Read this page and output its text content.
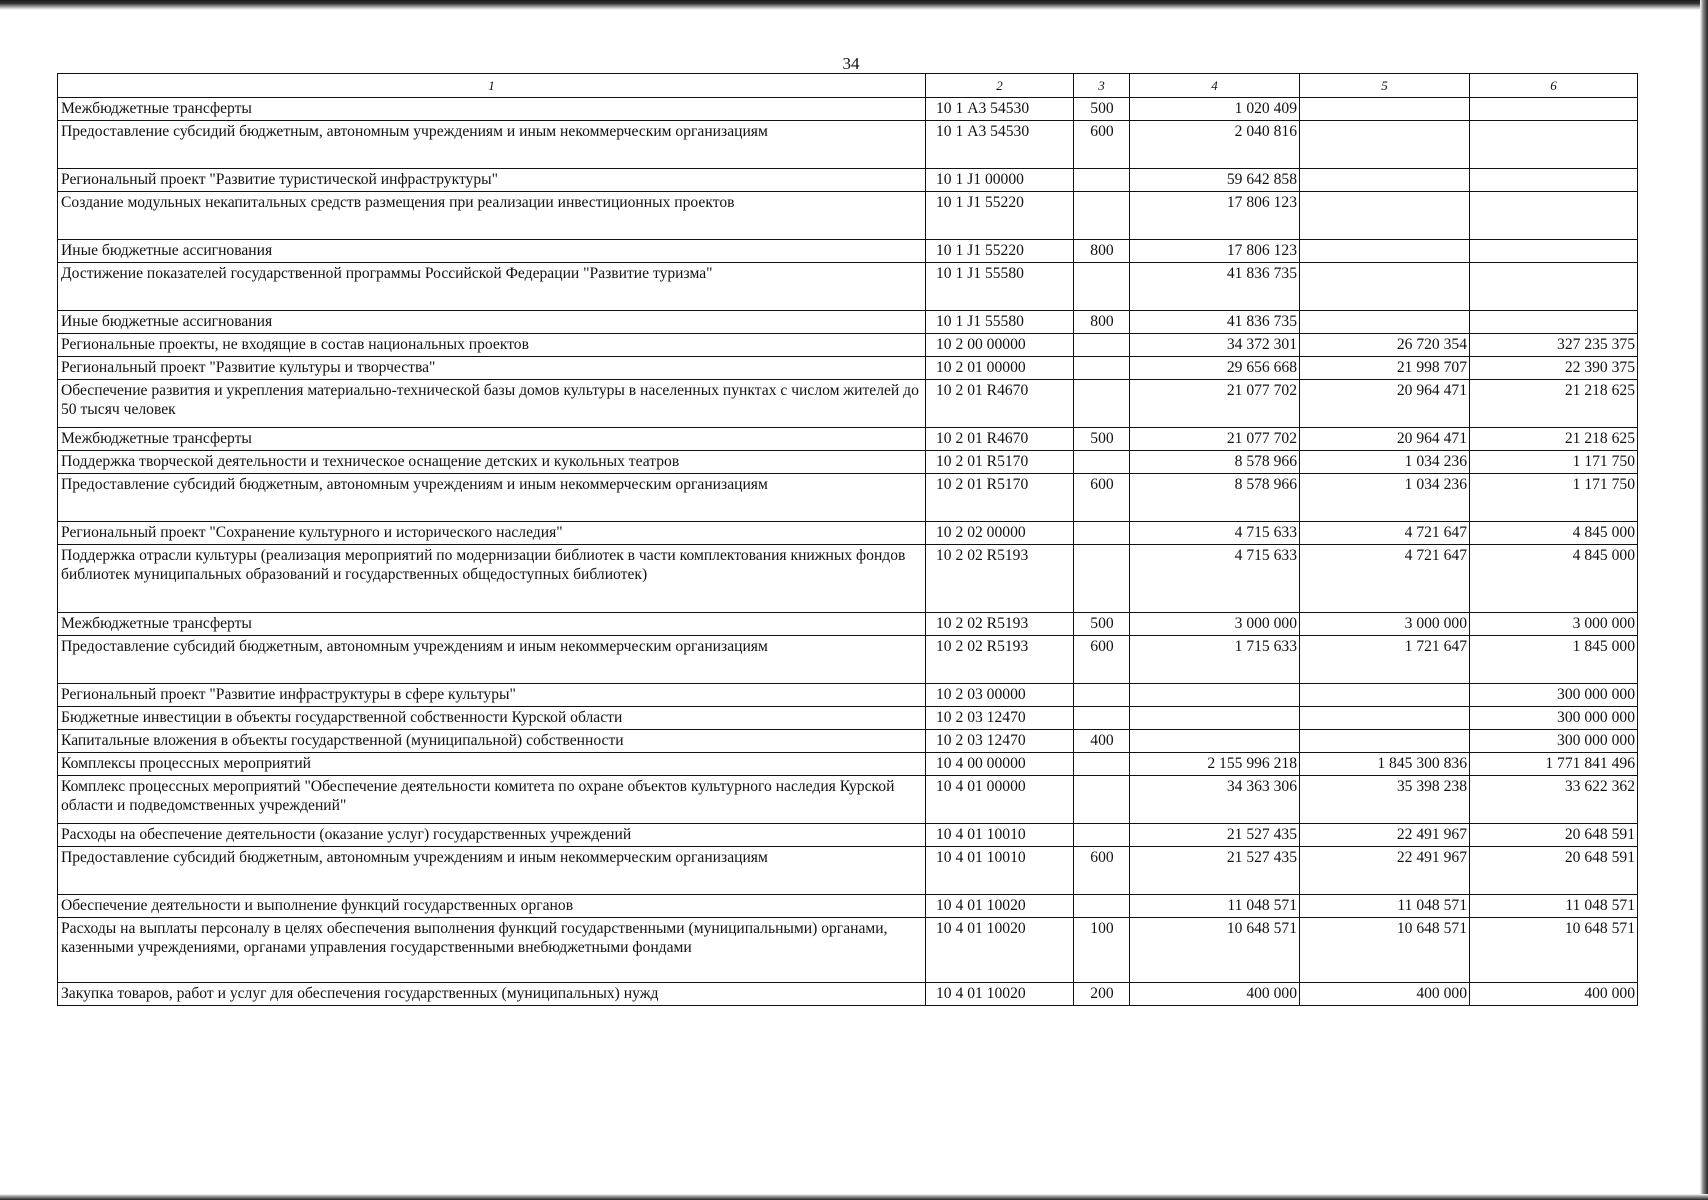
34
1	2	3	4	5	6
Межбюджетные трансферты	10 1 А3 54530	500	1 020 409		
Предоставление субсидий бюджетным, автономным учреждениям и иным некоммерческим организациям	10 1 А3 54530	600	2 040 816		
Региональный проект "Развитие туристической инфраструктуры"	10 1 J1 00000		59 642 858		
Создание модульных некапитальных средств размещения при реализации инвестиционных проектов	10 1 J1 55220		17 806 123		
Иные бюджетные ассигнования	10 1 J1 55220	800	17 806 123		
Достижение показателей государственной программы Российской Федерации "Развитие туризма"	10 1 J1 55580		41 836 735		
Иные бюджетные ассигнования	10 1 J1 55580	800	41 836 735		
Региональные проекты, не входящие в состав национальных проектов	10 2 00 00000		34 372 301	26 720 354	327 235 375
Региональный проект "Развитие культуры и творчества"	10 2 01 00000		29 656 668	21 998 707	22 390 375
Обеспечение развития и укрепления материально-технической базы домов культуры в населенных пунктах с числом жителей до 50 тысяч человек	10 2 01 R4670		21 077 702	20 964 471	21 218 625
Межбюджетные трансферты	10 2 01 R4670	500	21 077 702	20 964 471	21 218 625
Поддержка творческой деятельности и техническое оснащение детских и кукольных театров	10 2 01 R5170		8 578 966	1 034 236	1 171 750
Предоставление субсидий бюджетным, автономным учреждениям и иным некоммерческим организациям	10 2 01 R5170	600	8 578 966	1 034 236	1 171 750
Региональный проект "Сохранение культурного и исторического наследия"	10 2 02 00000		4 715 633	4 721 647	4 845 000
Поддержка отрасли культуры (реализация мероприятий по модернизации библиотек в части комплектования книжных фондов библиотек муниципальных образований и государственных общедоступных библиотек)	10 2 02 R5193		4 715 633	4 721 647	4 845 000
Межбюджетные трансферты	10 2 02 R5193	500	3 000 000	3 000 000	3 000 000
Предоставление субсидий бюджетным, автономным учреждениям и иным некоммерческим организациям	10 2 02 R5193	600	1 715 633	1 721 647	1 845 000
Региональный проект "Развитие инфраструктуры в сфере культуры"	10 2 03 00000				300 000 000
Бюджетные инвестиции в объекты государственной собственности Курской области	10 2 03 12470				300 000 000
Капитальные вложения в объекты государственной (муниципальной) собственности	10 2 03 12470	400			300 000 000
Комплексы процессных мероприятий	10 4 00 00000		2 155 996 218	1 845 300 836	1 771 841 496
Комплекс процессных мероприятий "Обеспечение деятельности комитета по охране объектов культурного наследия Курской области и подведомственных учреждений"	10 4 01 00000		34 363 306	35 398 238	33 622 362
Расходы на обеспечение деятельности (оказание услуг) государственных учреждений	10 4 01 10010		21 527 435	22 491 967	20 648 591
Предоставление субсидий бюджетным, автономным учреждениям и иным некоммерческим организациям	10 4 01 10010	600	21 527 435	22 491 967	20 648 591
Обеспечение деятельности и выполнение функций государственных органов	10 4 01 10020		11 048 571	11 048 571	11 048 571
Расходы на выплаты персоналу в целях обеспечения выполнения функций государственными (муниципальными) органами, казенными учреждениями, органами управления государственными внебюджетными фондами	10 4 01 10020	100	10 648 571	10 648 571	10 648 571
Закупка товаров, работ и услуг для обеспечения государственных (муниципальных) нужд	10 4 01 10020	200	400 000	400 000	400 000
